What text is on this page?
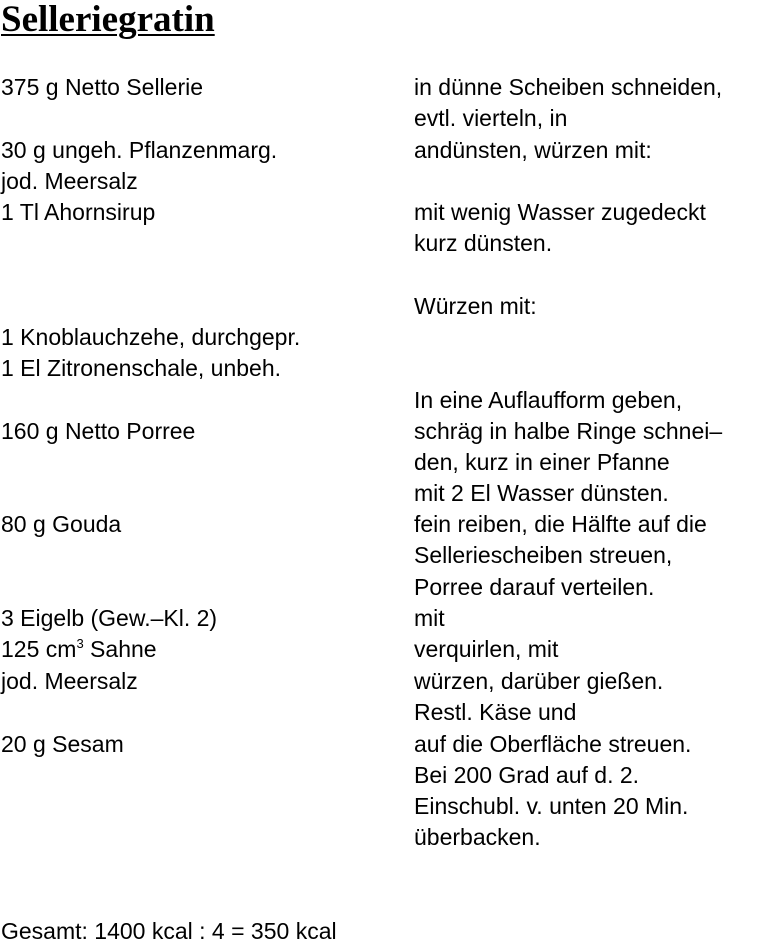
Selleriegratin
375 g Netto Sellerie
30 g ungeh. Pflanzenmarg.
jod. Meersalz
1 Tl Ahornsirup
1 Knoblauchzehe, durchgepr.
1 El Zitronenschale, unbeh.
160 g Netto Porree
80 g Gouda
3 Eigelb (Gew.–Kl. 2)
125 $cm^3$ Sahne
jod. Meersalz
20 g Sesam
in dünne Scheiben schneiden,
evtl. vierteln, in
andünsten, würzen mit:
mit wenig Wasser zugedeckt
kurz dünsten.
Würzen mit:
In eine Auflaufform geben,
schräg in halbe Ringe schnei–
den, kurz in einer Pfanne
mit 2 El Wasser dünsten.
fein reiben, die Hälfte auf die
Selleriescheiben streuen,
Porree darauf verteilen.
mit
verquirlen, mit
würzen, darüber gießen.
Restl. Käse und
auf die Oberfläche streuen.
Bei 200 Grad auf d. 2.
Einschubl. v. unten 20 Min.
überbacken.
Gesamt: 1400 kcal : 4 = 350 kcal
